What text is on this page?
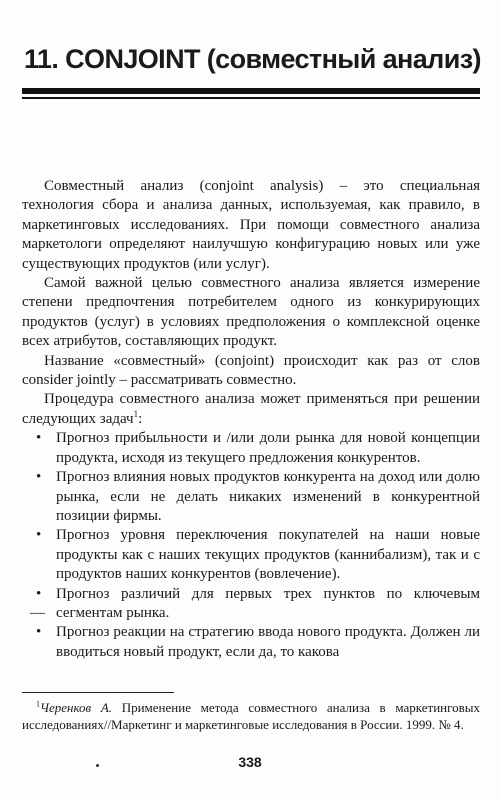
11. CONJOINT (совместный анализ)

Совместный анализ (conjoint analysis) – это специальная технология сбора и анализа данных, используемая, как правило, в маркетинговых исследованиях. При помощи совместного анализа маркетологи определяют наилучшую конфигурацию новых или уже существующих продуктов (или услуг).

Самой важной целью совместного анализа является измерение степени предпочтения потребителем одного из конкурирующих продуктов (услуг) в условиях предположения о комплексной оценке всех атрибутов, составляющих продукт.

Название «совместный» (conjoint) происходит как раз от слов consider jointly – рассматривать совместно.

Процедура совместного анализа может применяться при решении следующих задач$^1$:

• Прогноз прибыльности и /или доли рынка для новой концепции продукта, исходя из текущего предложения конкурентов.
• Прогноз влияния новых продуктов конкурента на доход или долю рынка, если не делать никаких изменений в конкурентной позиции фирмы.
• Прогноз уровня переключения покупателей на наши новые продукты как с наших текущих продуктов (каннибализм), так и с продуктов наших конкурентов (вовлечение).
•
—
Прогноз различий для первых трех пунктов по ключевым сегментам рынка.
• Прогноз реакции на стратегию ввода нового продукта. Должен ли вводиться новый продукт, если да, то какова
$^1$Черенков А. Применение метода совместного анализа в маркетинговых исследованиях//Маркетинг и маркетинговые исследования в России. 1999. № 4.
338
